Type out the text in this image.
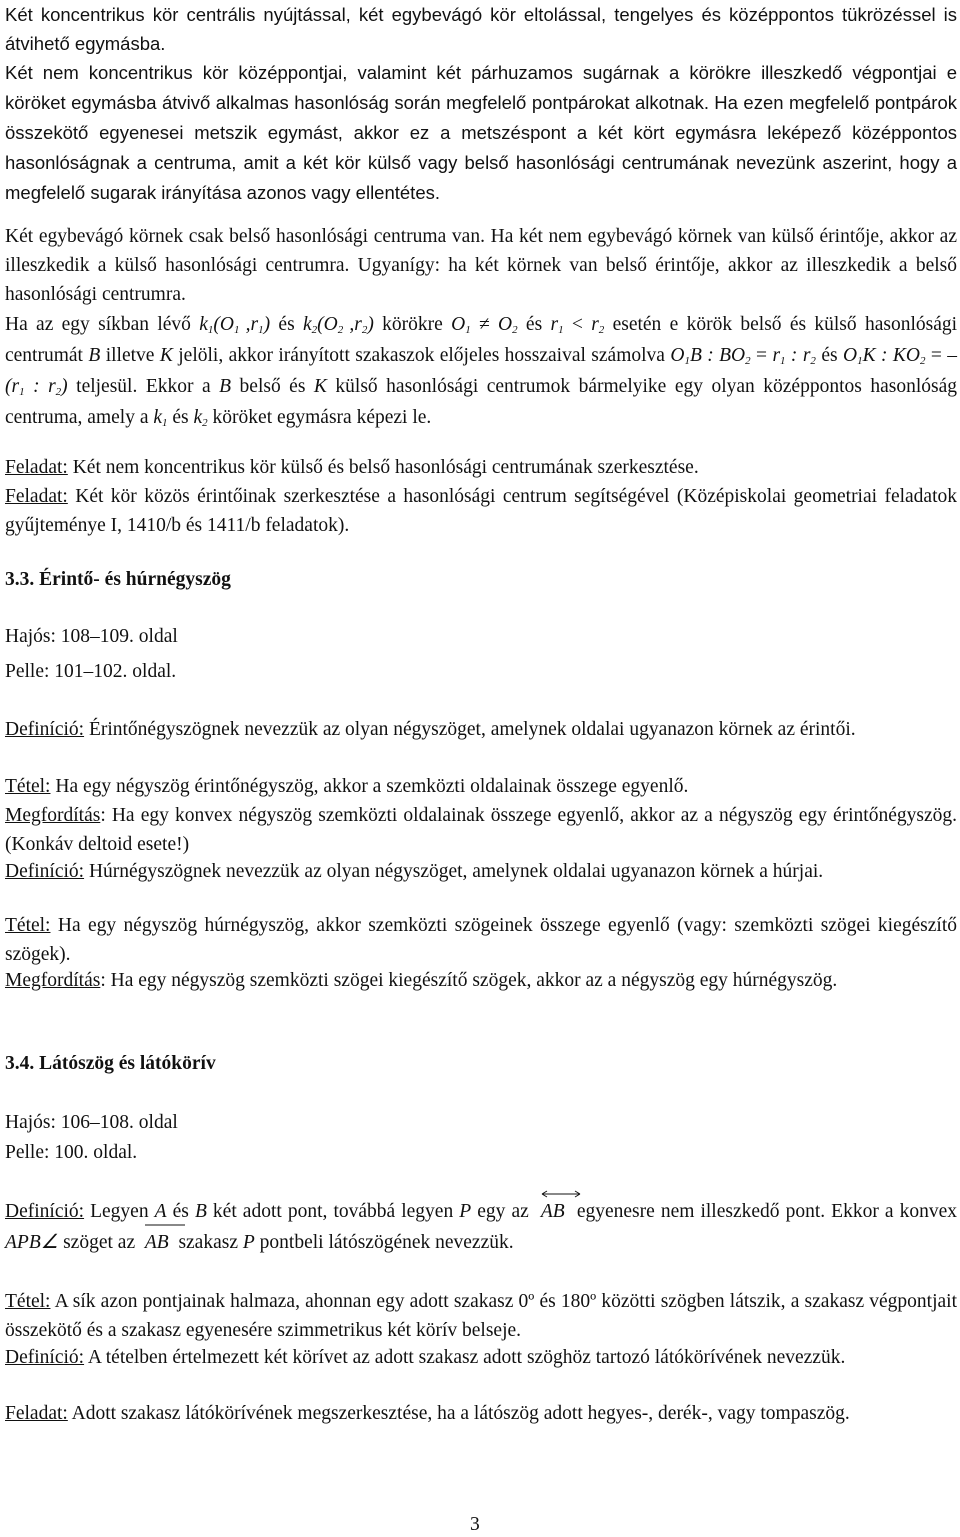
Két koncentrikus kör centrális nyújtással, két egybevágó kör eltolással, tengelyes és középpontos tükrözéssel is átvihető egymásba.

Két nem koncentrikus kör középpontjai, valamint két párhuzamos sugárnak a körökre illeszkedő végpontjai e köröket egymásba átvivő alkalmas hasonlóság során megfelelő pontpárokat alkotnak. Ha ezen megfelelő pontpárok összekötő egyenesei metszik egymást, akkor ez a metszéspont a két kört egymásra leképező középpontos hasonlóságnak a centruma, amit a két kör külső vagy belső hasonlósági centrumának nevezünk aszerint, hogy a megfelelő sugarak irányítása azonos vagy ellentétes.

Két egybevágó körnek csak belső hasonlósági centruma van. Ha két nem egybevágó körnek van külső érintője, akkor az illeszkedik a külső hasonlósági centrumra. Ugyanígy: ha két körnek van belső érintője, akkor az illeszkedik a belső hasonlósági centrumra.

Ha az egy síkban lévő $k_1(O_1$ $,r_1$) és $k_2(O_2$ $,r_2$) körökre $O_1 \ne O_2$ és $r_1 < r_2$ esetén e körök belső és külső hasonlósági centrumát B illetve K jelöli, akkor irányított szakaszok előjeles hosszaival számolva $O_1B$ : $BO_2 = r_1$ : $r_2$ és $O_1K$ : $KO_2 = -(r_1$ : $r_2$) teljesül. Ekkor a B belső és K külső hasonlósági centrumok bármelyike egy olyan középpontos hasonlóság centruma, amely a $k_1$ és $k_2$ köröket egymásra képezi le.

Feladat: Két nem koncentrikus kör külső és belső hasonlósági centrumának szerkesztése.

Feladat: Két kör közös érintőinak szerkesztése a hasonlósági centrum segítségével (Középiskolai geometriai feladatok gyűjteménye I, 1410/b és 1411/b feladatok).

3.3. Érintő- és húrnégyszög

Hajós: 108–109. oldal

Pelle: 101–102. oldal.

Definíció: Érintőnégyszögnek nevezzük az olyan négyszöget, amelynek oldalai ugyanazon körnek az érintői.

Tétel: Ha egy négyszög érintőnégyszög, akkor a szemközti oldalainak összege egyenlő.

Megfordítás: Ha egy konvex négyszög szemközti oldalainak összege egyenlő, akkor az a négyszög egy érintőnégyszög. (Konkáv deltoid esete!)

Definíció: Húrnégyszögnek nevezzük az olyan négyszöget, amelynek oldalai ugyanazon körnek a húrjai.

Tétel: Ha egy négyszög húrnégyszög, akkor szemközti szögeinek összege egyenlő (vagy: szemközti szögei kiegészítő szögek).

Megfordítás: Ha egy négyszög szemközti szögei kiegészítő szögek, akkor az a négyszög egy húrnégyszög.

3.4. Látószög és látókörív

Hajós: 106–108. oldal

Pelle: 100. oldal.

Definíció: Legyen A és B két adott pont, továbbá legyen P egy az
AB  egyenesre nem illeszkedő pont. Ekkor a konvex APB∠ szöget az
AB  szakasz P pontbeli látószögének nevezzük.

Tétel: A sík azon pontjainak halmaza, ahonnan egy adott szakasz 0º és 180º közötti szögben látszik, a szakasz végpontjait összekötő és a szakasz egyenesére szimmetrikus két körív belseje.

Definíció: A tételben értelmezett két körívet az adott szakasz adott szöghöz tartozó látókörívének nevezzük.

Feladat: Adott szakasz látókörívének megszerkesztése, ha a látószög adott hegyes-, derék-, vagy tompaszög.

3
